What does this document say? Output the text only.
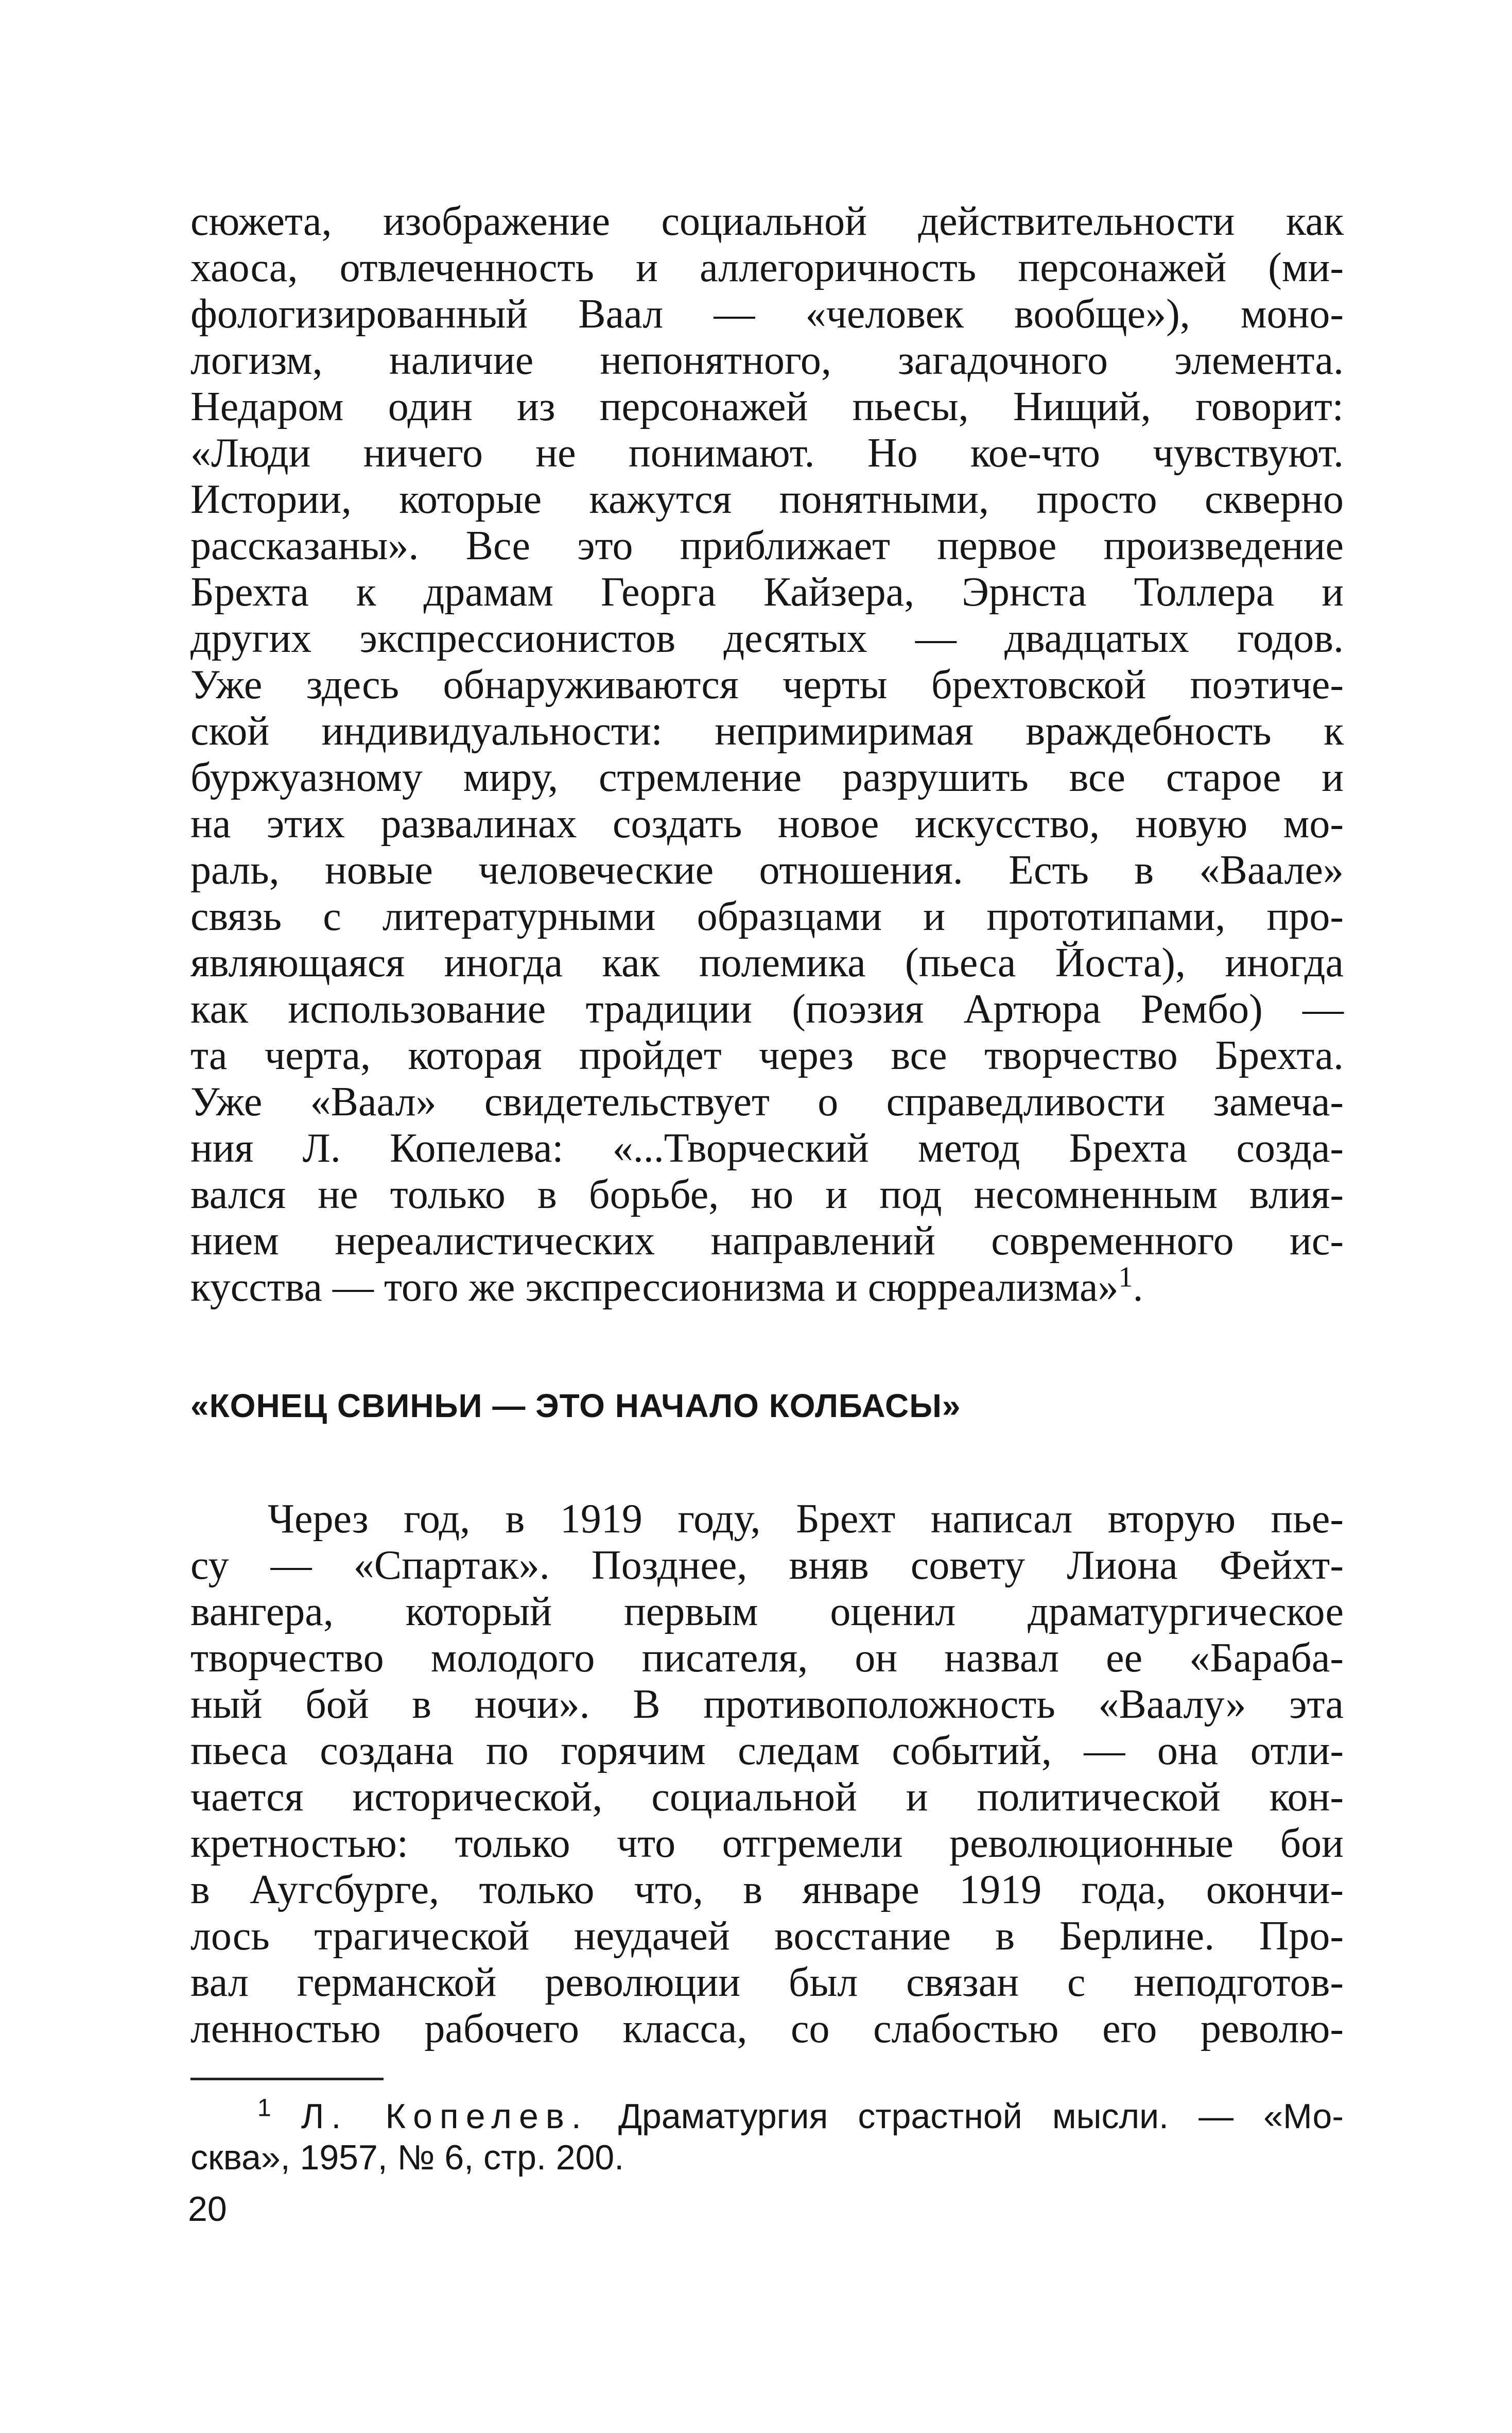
сюжета, изображение социальной действительности как
хаоса, отвлеченность и аллегоричность персонажей (ми-
фологизированный Ваал — «человек вообще»), моно-
логизм, наличие непонятного, загадочного элемента.
Недаром один из персонажей пьесы, Нищий, говорит:
«Люди ничего не понимают. Но кое-что чувствуют.
Истории, которые кажутся понятными, просто скверно
рассказаны». Все это приближает первое произведение
Брехта к драмам Георга Кайзера, Эрнста Толлера и
других экспрессионистов десятых — двадцатых годов.
Уже здесь обнаруживаются черты брехтовской поэтиче-
ской индивидуальности: непримиримая враждебность к
буржуазному миру, стремление разрушить все старое и
на этих развалинах создать новое искусство, новую мо-
раль, новые человеческие отношения. Есть в «Ваале»
связь с литературными образцами и прототипами, про-
являющаяся иногда как полемика (пьеса Йоста), иногда
как использование традиции (поэзия Артюра Рембо) —
та черта, которая пройдет через все творчество Брехта.
Уже «Ваал» свидетельствует о справедливости замеча-
ния Л. Копелева: «...Творческий метод Брехта созда-
вался не только в борьбе, но и под несомненным влия-
нием нереалистических направлений современного ис-
кусства — того же экспрессионизма и сюрреализма»$^1$.
«КОНЕЦ СВИНЬИ — ЭТО НАЧАЛО КОЛБАСЫ»
Через год, в 1919 году, Брехт написал вторую пье-
су — «Спартак». Позднее, вняв совету Лиона Фейхт-
вангера, который первым оценил драматургическое
творчество молодого писателя, он назвал ее «Бараба-
ный бой в ночи». В противоположность «Ваалу» эта
пьеса создана по горячим следам событий, — она отли-
чается исторической, социальной и политической кон-
кретностью: только что отгремели революционные бои
в Аугсбурге, только что, в январе 1919 года, окончи-
лось трагической неудачей восстание в Берлине. Про-
вал германской революции был связан с неподготов-
ленностью рабочего класса, со слабостью его револю-
$^1$ Л. Копелев. Драматургия страстной мысли. — «Мо-
сква», 1957, № 6, стр. 200.
20
